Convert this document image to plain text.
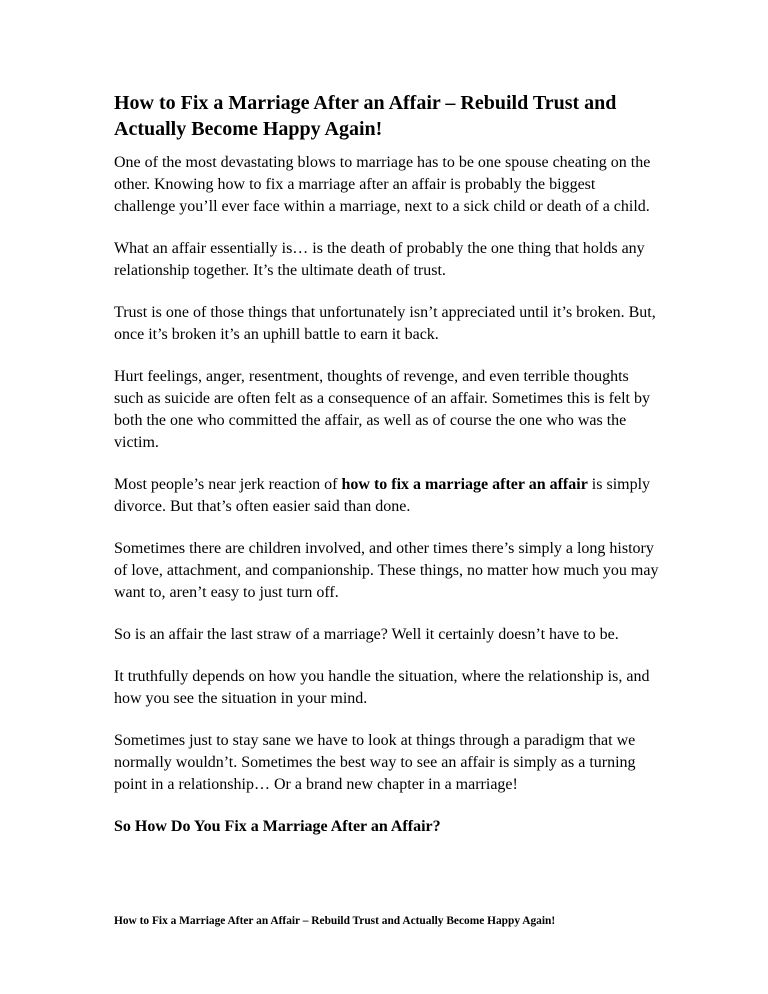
How to Fix a Marriage After an Affair – Rebuild Trust and Actually Become Happy Again!

One of the most devastating blows to marriage has to be one spouse cheating on the other. Knowing how to fix a marriage after an affair is probably the biggest challenge you’ll ever face within a marriage, next to a sick child or death of a child.

What an affair essentially is… is the death of probably the one thing that holds any relationship together. It’s the ultimate death of trust.

Trust is one of those things that unfortunately isn’t appreciated until it’s broken. But, once it’s broken it’s an uphill battle to earn it back.

Hurt feelings, anger, resentment, thoughts of revenge, and even terrible thoughts such as suicide are often felt as a consequence of an affair. Sometimes this is felt by both the one who committed the affair, as well as of course the one who was the victim.

Most people’s near jerk reaction of how to fix a marriage after an affair is simply divorce. But that’s often easier said than done.

Sometimes there are children involved, and other times there’s simply a long history of love, attachment, and companionship. These things, no matter how much you may want to, aren’t easy to just turn off.

So is an affair the last straw of a marriage? Well it certainly doesn’t have to be.

It truthfully depends on how you handle the situation, where the relationship is, and how you see the situation in your mind.

Sometimes just to stay sane we have to look at things through a paradigm that we normally wouldn’t. Sometimes the best way to see an affair is simply as a turning point in a relationship… Or a brand new chapter in a marriage!

So How Do You Fix a Marriage After an Affair?
How to Fix a Marriage After an Affair – Rebuild Trust and Actually Become Happy Again!
